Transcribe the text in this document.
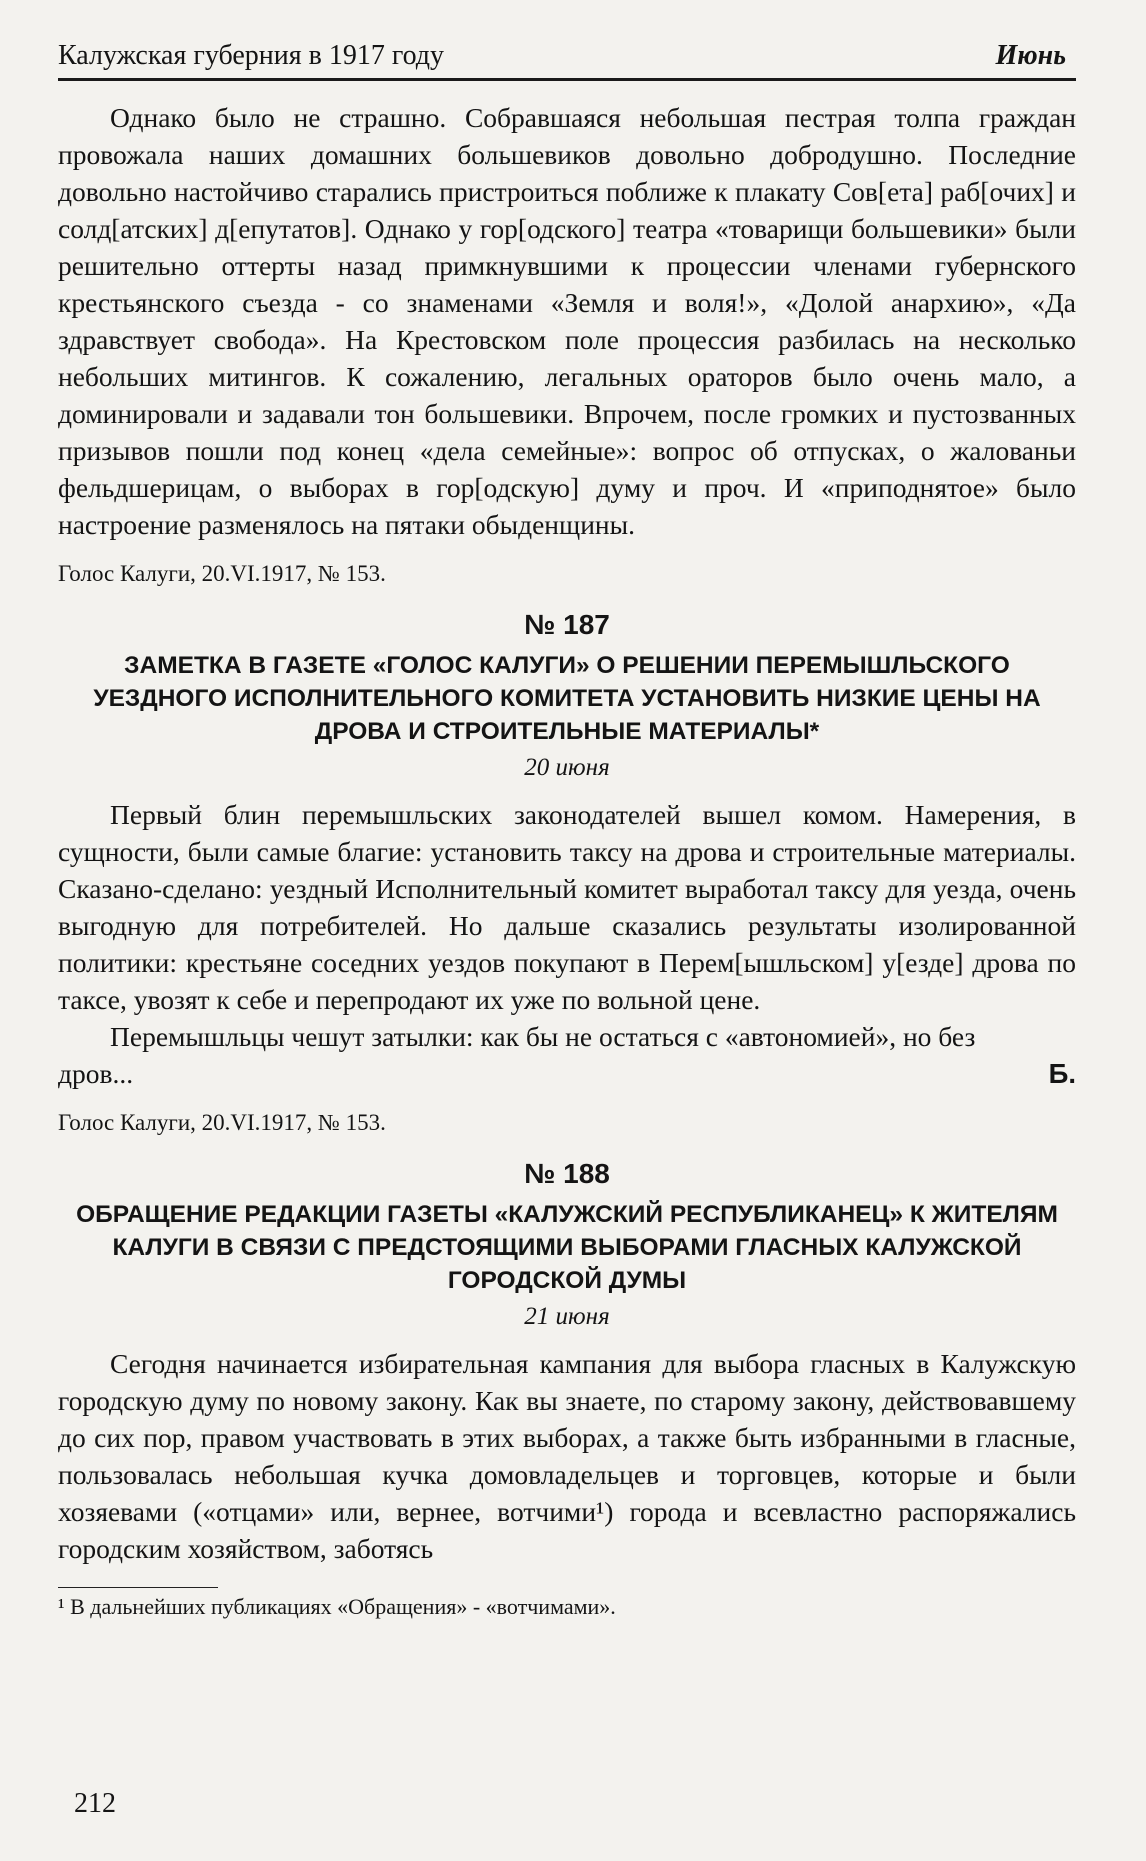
Калужская губерния в 1917 году	Июнь

Однако было не страшно. Собравшаяся небольшая пестрая толпа граждан провожала наших домашних большевиков довольно добродушно. Последние довольно настойчиво старались пристроиться поближе к плакату Сов[ета] раб[очих] и солд[атских] д[епутатов]. Однако у гор[одского] театра «товарищи большевики» были решительно оттерты назад примкнувшими к процессии членами губернского крестьянского съезда - со знаменами «Земля и воля!», «Долой анархию», «Да здравствует свобода». На Крестовском поле процессия разбилась на несколько небольших митингов. К сожалению, легальных ораторов было очень мало, а доминировали и задавали тон большевики. Впрочем, после громких и пустозванных призывов пошли под конец «дела семейные»: вопрос об отпусках, о жалованьи фельдшерицам, о выборах в гор[одскую] думу и проч. И «приподнятое» было настроение разменялось на пятаки обыденщины.

Голос Калуги, 20.VI.1917, № 153.

№ 187
ЗАМЕТКА В ГАЗЕТЕ «ГОЛОС КАЛУГИ» О РЕШЕНИИ ПЕРЕМЫШЛЬСКОГО УЕЗДНОГО ИСПОЛНИТЕЛЬНОГО КОМИТЕТА УСТАНОВИТЬ НИЗКИЕ ЦЕНЫ НА ДРОВА И СТРОИТЕЛЬНЫЕ МАТЕРИАЛЫ*
20 июня

Первый блин перемышльских законодателей вышел комом. Намерения, в сущности, были самые благие: установить таксу на дрова и строительные материалы. Сказано-сделано: уездный Исполнительный комитет выработал таксу для уезда, очень выгодную для потребителей. Но дальше сказались результаты изолированной политики: крестьяне соседних уездов покупают в Перем[ышльском] у[езде] дрова по таксе, увозят к себе и перепродают их уже по вольной цене.

Перемышльцы чешут затылки: как бы не остаться с «автономией», но без

дров...	Б.

Голос Калуги, 20.VI.1917, № 153.

№ 188
ОБРАЩЕНИЕ РЕДАКЦИИ ГАЗЕТЫ «КАЛУЖСКИЙ РЕСПУБЛИКАНЕЦ» К ЖИТЕЛЯМ КАЛУГИ В СВЯЗИ С ПРЕДСТОЯЩИМИ ВЫБОРАМИ ГЛАСНЫХ КАЛУЖСКОЙ ГОРОДСКОЙ ДУМЫ
21 июня

Сегодня начинается избирательная кампания для выбора гласных в Калужскую городскую думу по новому закону. Как вы знаете, по старому закону, действовавшему до сих пор, правом участвовать в этих выборах, а также быть избранными в гласные, пользовалась небольшая кучка домовладельцев и торговцев, которые и были хозяевами («отцами» или, вернее, вотчими¹) города и всевластно распоряжались городским хозяйством, заботясь

¹ В дальнейших публикациях «Обращения» - «вотчимами».
212
